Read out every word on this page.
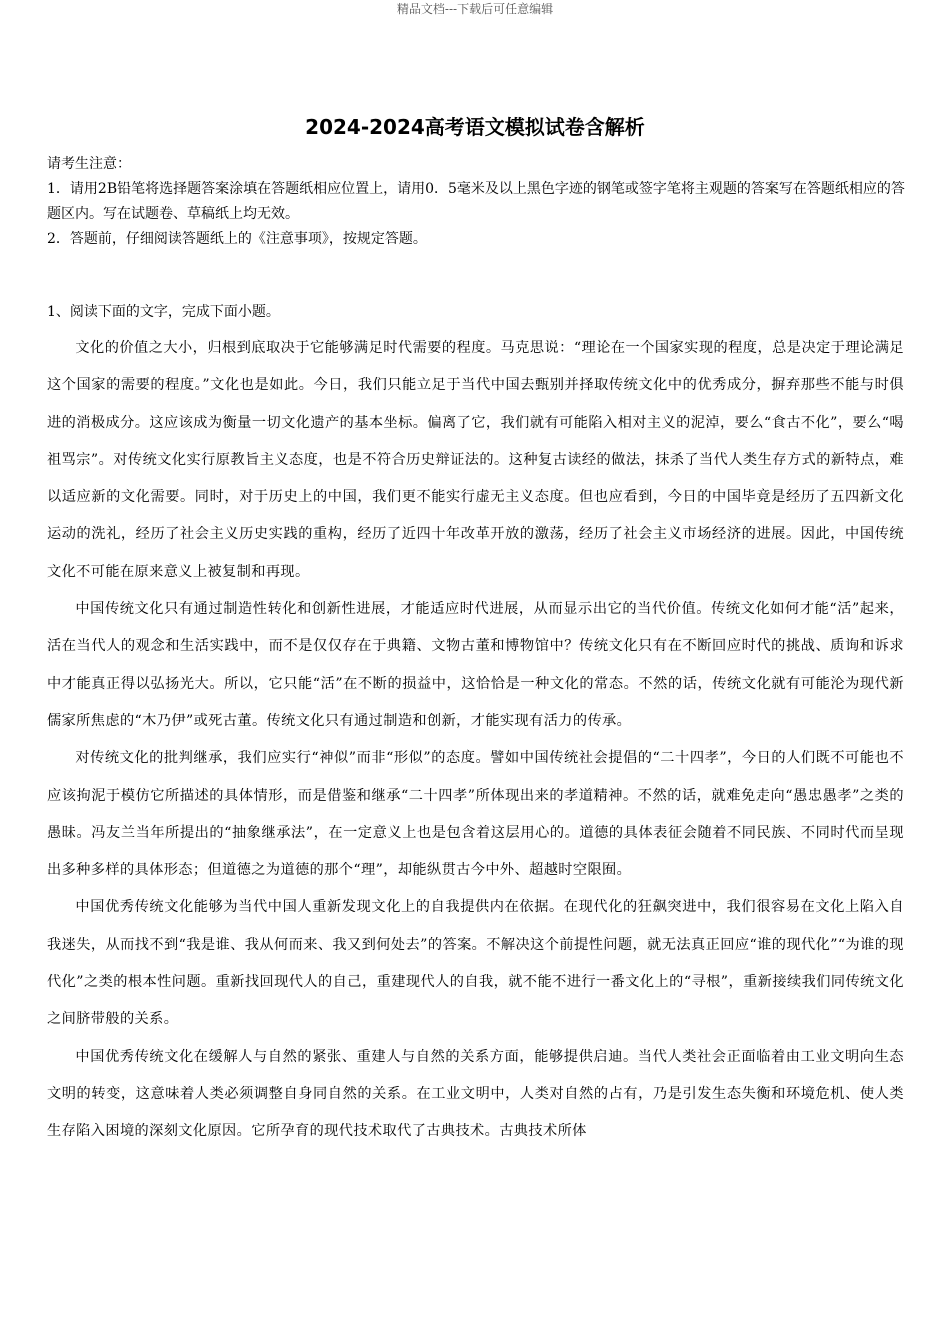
精品文档---下载后可任意编辑
2024-2024高考语文模拟试卷含解析

请考生注意：

1．请用2B铅笔将选择题答案涂填在答题纸相应位置上，请用0．5毫米及以上黑色字迹的钢笔或签字笔将主观题的答案写在答题纸相应的答题区内。写在试题卷、草稿纸上均无效。

2．答题前，仔细阅读答题纸上的《注意事项》，按规定答题。

1、阅读下面的文字，完成下面小题。

文化的价值之大小，归根到底取决于它能够满足时代需要的程度。马克思说：“理论在一个国家实现的程度，总是决定于理论满足这个国家的需要的程度。”文化也是如此。今日，我们只能立足于当代中国去甄别并择取传统文化中的优秀成分，摒弃那些不能与时俱进的消极成分。这应该成为衡量一切文化遗产的基本坐标。偏离了它，我们就有可能陷入相对主义的泥淖，要么“食古不化”，要么“喝祖骂宗”。对传统文化实行原教旨主义态度，也是不符合历史辩证法的。这种复古读经的做法，抹杀了当代人类生存方式的新特点，难以适应新的文化需要。同时，对于历史上的中国，我们更不能实行虚无主义态度。但也应看到，今日的中国毕竟是经历了五四新文化运动的洗礼，经历了社会主义历史实践的重构，经历了近四十年改革开放的激荡，经历了社会主义市场经济的进展。因此，中国传统文化不可能在原来意义上被复制和再现。

中国传统文化只有通过制造性转化和创新性进展，才能适应时代进展，从而显示出它的当代价值。传统文化如何才能“活”起来，活在当代人的观念和生活实践中，而不是仅仅存在于典籍、文物古董和博物馆中？传统文化只有在不断回应时代的挑战、质询和诉求中才能真正得以弘扬光大。所以，它只能“活”在不断的损益中，这恰恰是一种文化的常态。不然的话，传统文化就有可能沦为现代新儒家所焦虑的“木乃伊”或死古董。传统文化只有通过制造和创新，才能实现有活力的传承。

对传统文化的批判继承，我们应实行“神似”而非“形似”的态度。譬如中国传统社会提倡的“二十四孝”，今日的人们既不可能也不应该拘泥于模仿它所描述的具体情形，而是借鉴和继承“二十四孝”所体现出来的孝道精神。不然的话，就难免走向“愚忠愚孝”之类的愚昧。冯友兰当年所提出的“抽象继承法”，在一定意义上也是包含着这层用心的。道德的具体表征会随着不同民族、不同时代而呈现出多种多样的具体形态；但道德之为道德的那个“理”，却能纵贯古今中外、超越时空限囿。

中国优秀传统文化能够为当代中国人重新发现文化上的自我提供内在依据。在现代化的狂飙突进中，我们很容易在文化上陷入自我迷失，从而找不到“我是谁、我从何而来、我又到何处去”的答案。不解决这个前提性问题，就无法真正回应“谁的现代化”“为谁的现代化”之类的根本性问题。重新找回现代人的自己，重建现代人的自我，就不能不进行一番文化上的“寻根”，重新接续我们同传统文化之间脐带般的关系。

中国优秀传统文化在缓解人与自然的紧张、重建人与自然的关系方面，能够提供启迪。当代人类社会正面临着由工业文明向生态文明的转变，这意味着人类必须调整自身同自然的关系。在工业文明中，人类对自然的占有，乃是引发生态失衡和环境危机、使人类生存陷入困境的深刻文化原因。它所孕育的现代技术取代了古典技术。古典技术所体
